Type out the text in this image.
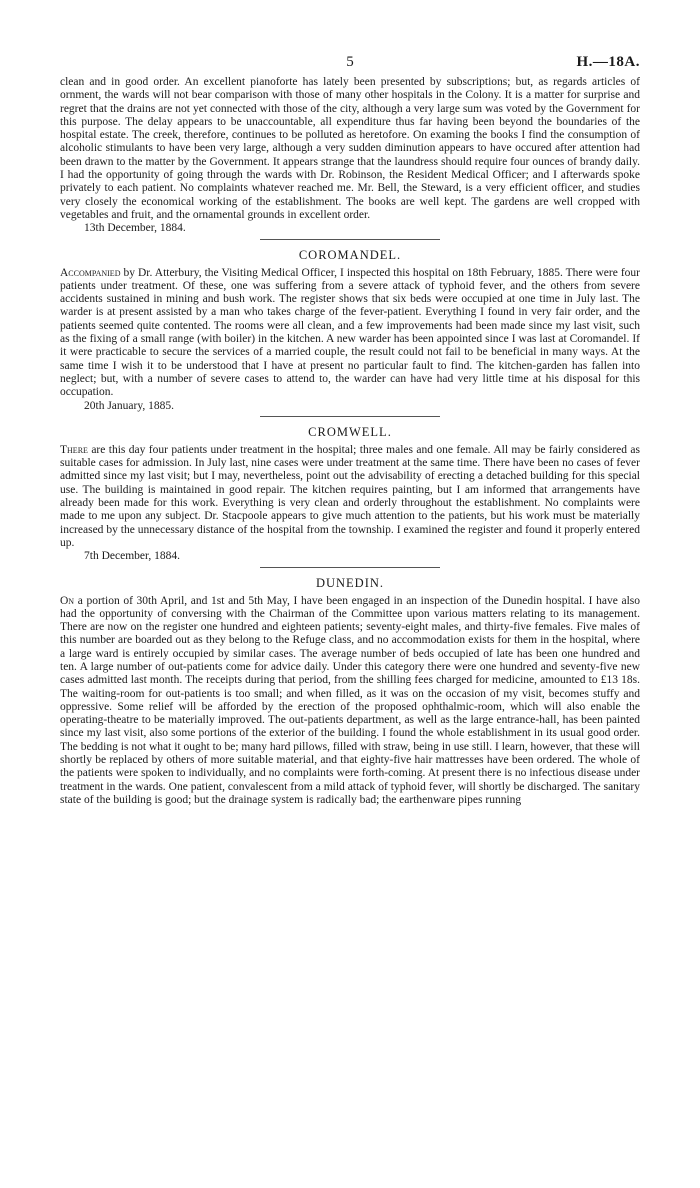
5	H.—18A.

clean and in good order. An excellent pianoforte has lately been presented by subscriptions; but, as regards articles of ornment, the wards will not bear comparison with those of many other hospitals in the Colony. It is a matter for surprise and regret that the drains are not yet connected with those of the city, although a very large sum was voted by the Government for this purpose. The delay appears to be unaccountable, all expenditure thus far having been beyond the boundaries of the hospital estate. The creek, therefore, continues to be polluted as heretofore. On examing the books I find the consumption of alcoholic stimulants to have been very large, although a very sudden diminution appears to have occured after attention had been drawn to the matter by the Government. It appears strange that the laundress should require four ounces of brandy daily. I had the opportunity of going through the wards with Dr. Robinson, the Resident Medical Officer; and I afterwards spoke privately to each patient. No complaints whatever reached me. Mr. Bell, the Steward, is a very efficient officer, and studies very closely the economical working of the establishment. The books are well kept. The gardens are well cropped with vegetables and fruit, and the ornamental grounds in excellent order.

13th December, 1884.
COROMANDEL.

Accompanied by Dr. Atterbury, the Visiting Medical Officer, I inspected this hospital on 18th February, 1885. There were four patients under treatment. Of these, one was suffering from a severe attack of typhoid fever, and the others from severe accidents sustained in mining and bush work. The register shows that six beds were occupied at one time in July last. The warder is at present assisted by a man who takes charge of the fever-patient. Everything I found in very fair order, and the patients seemed quite contented. The rooms were all clean, and a few improvements had been made since my last visit, such as the fixing of a small range (with boiler) in the kitchen. A new warder has been appointed since I was last at Coromandel. If it were practicable to secure the services of a married couple, the result could not fail to be beneficial in many ways. At the same time I wish it to be understood that I have at present no particular fault to find. The kitchen-garden has fallen into neglect; but, with a number of severe cases to attend to, the warder can have had very little time at his disposal for this occupation.

20th January, 1885.
CROMWELL.

There are this day four patients under treatment in the hospital; three males and one female. All may be fairly considered as suitable cases for admission. In July last, nine cases were under treatment at the same time. There have been no cases of fever admitted since my last visit; but I may, nevertheless, point out the advisability of erecting a detached building for this special use. The building is maintained in good repair. The kitchen requires painting, but I am informed that arrangements have already been made for this work. Everything is very clean and orderly throughout the establishment. No complaints were made to me upon any subject. Dr. Stacpoole appears to give much attention to the patients, but his work must be materially increased by the unnecessary distance of the hospital from the township. I examined the register and found it properly entered up.

7th December, 1884.
DUNEDIN.

On a portion of 30th April, and 1st and 5th May, I have been engaged in an inspection of the Dunedin hospital. I have also had the opportunity of conversing with the Chairman of the Committee upon various matters relating to its management. There are now on the register one hundred and eighteen patients; seventy-eight males, and thirty-five females. Five males of this number are boarded out as they belong to the Refuge class, and no accommodation exists for them in the hospital, where a large ward is entirely occupied by similar cases. The average number of beds occupied of late has been one hundred and ten. A large number of out-patients come for advice daily. Under this category there were one hundred and seventy-five new cases admitted last month. The receipts during that period, from the shilling fees charged for medicine, amounted to £13 18s. The waiting-room for out-patients is too small; and when filled, as it was on the occasion of my visit, becomes stuffy and oppressive. Some relief will be afforded by the erection of the proposed ophthalmic-room, which will also enable the operating-theatre to be materially improved. The out-patients department, as well as the large entrance-hall, has been painted since my last visit, also some portions of the exterior of the building. I found the whole establishment in its usual good order. The bedding is not what it ought to be; many hard pillows, filled with straw, being in use still. I learn, however, that these will shortly be replaced by others of more suitable material, and that eighty-five hair mattresses have been ordered. The whole of the patients were spoken to individually, and no complaints were forth-coming. At present there is no infectious disease under treatment in the wards. One patient, convalescent from a mild attack of typhoid fever, will shortly be discharged. The sanitary state of the building is good; but the drainage system is radically bad; the earthenware pipes running
